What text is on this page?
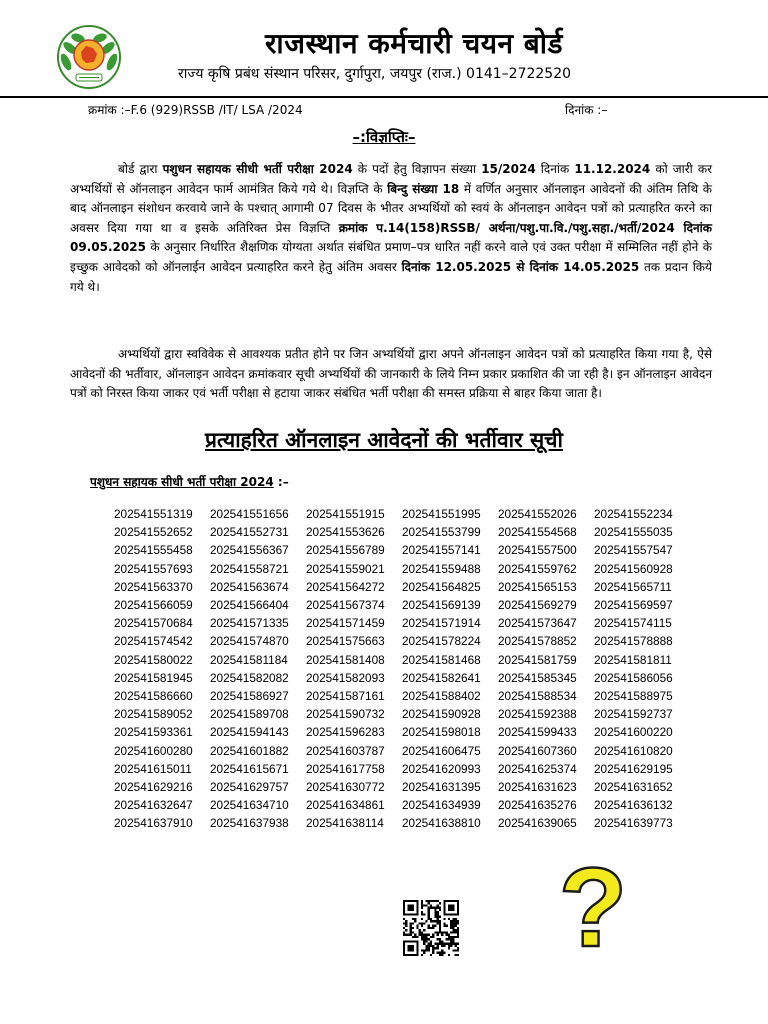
राजस्थान कर्मचारी चयन बोर्ड
राज्य कृषि प्रबंध संस्थान परिसर, दुर्गापुरा, जयपुर (राज.) 0141–2722520
क्रमांक :–F.6 (929)RSSB /IT/ LSA /2024	दिनांक :–
–:विज्ञप्तिः–
बोर्ड द्वारा पशुधन सहायक सीधी भर्ती परीक्षा 2024 के पदों हेतु विज्ञापन संख्या 15/2024 दिनांक 11.12.2024 को जारी कर अभ्यर्थियों से ऑनलाइन आवेदन फार्म आमंत्रित किये गये थे। विज्ञप्ति के बिन्दु संख्या 18 में वर्णित अनुसार ऑनलाइन आवेदनों की अंतिम तिथि के बाद ऑनलाइन संशोधन करवाये जाने के पश्चात् आगामी 07 दिवस के भीतर अभ्यर्थियों को स्वयं के ऑनलाइन आवेदन पत्रों को प्रत्याहरित करने का अवसर दिया गया था व इसके अतिरिक्त प्रेस विज्ञप्ति क्रमांक प.14(158)RSSB/ अर्थना/पशु.पा.वि./पशु.सहा./भर्ती/2024 दिनांक 09.05.2025 के अनुसार निर्धारित शैक्षणिक योग्यता अर्थात संबंधित प्रमाण–पत्र धारित नहीं करने वाले एवं उक्त परीक्षा में सम्मिलित नहीं होने के इच्छुक आवेदको को ऑनलाईन आवेदन प्रत्याहरित करने हेतु अंतिम अवसर दिनांक 12.05.2025 से दिनांक 14.05.2025 तक प्रदान किये गये थे।
अभ्यर्थियों द्वारा स्वविवेक से आवश्यक प्रतीत होने पर जिन अभ्यर्थियों द्वारा अपने ऑनलाइन आवेदन पत्रों को प्रत्याहरित किया गया है, ऐसे आवेदनों की भर्तीवार, ऑनलाइन आवेदन क्रमांकवार सूची अभ्यर्थियों की जानकारी के लिये निम्न प्रकार प्रकाशित की जा रही है। इन ऑनलाइन आवेदन पत्रों को निरस्त किया जाकर एवं भर्ती परीक्षा से हटाया जाकर संबंधित भर्ती परीक्षा की समस्त प्रक्रिया से बाहर किया जाता है।
प्रत्याहरित ऑनलाइन आवेदनों की भर्तीवार सूची
पशुधन सहायक सीधी भर्ती परीक्षा 2024 :–
202541551319	202541551656	202541551915	202541551995	202541552026	202541552234
202541552652	202541552731	202541553626	202541553799	202541554568	202541555035
202541555458	202541556367	202541556789	202541557141	202541557500	202541557547
202541557693	202541558721	202541559021	202541559488	202541559762	202541560928
202541563370	202541563674	202541564272	202541564825	202541565153	202541565711
202541566059	202541566404	202541567374	202541569139	202541569279	202541569597
202541570684	202541571335	202541571459	202541571914	202541573647	202541574115
202541574542	202541574870	202541575663	202541578224	202541578852	202541578888
202541580022	202541581184	202541581408	202541581468	202541581759	202541581811
202541581945	202541582082	202541582093	202541582641	202541585345	202541586056
202541586660	202541586927	202541587161	202541588402	202541588534	202541588975
202541589052	202541589708	202541590732	202541590928	202541592388	202541592737
202541593361	202541594143	202541596283	202541598018	202541599433	202541600220
202541600280	202541601882	202541603787	202541606475	202541607360	202541610820
202541615011	202541615671	202541617758	202541620993	202541625374	202541629195
202541629216	202541629757	202541630772	202541631395	202541631623	202541631652
202541632647	202541634710	202541634861	202541634939	202541635276	202541636132
202541637910	202541637938	202541638114	202541638810	202541639065	202541639773
?
